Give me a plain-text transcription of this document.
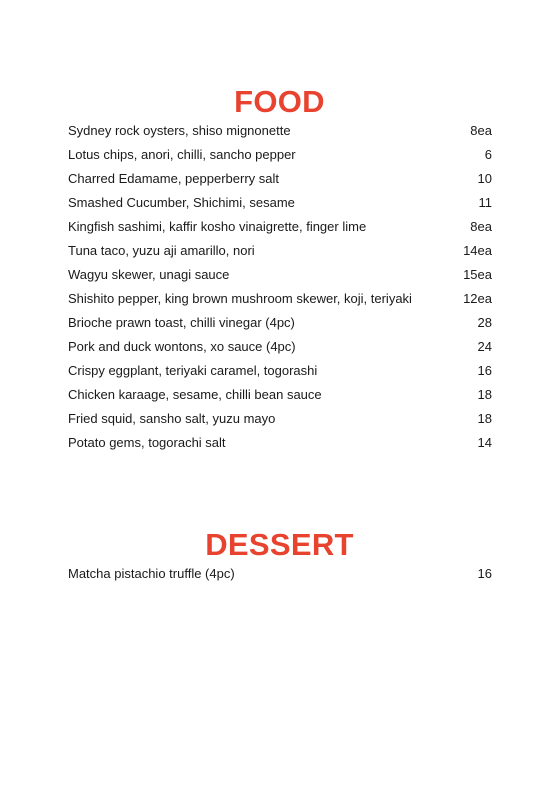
FOOD
Sydney rock oysters, shiso mignonette	8ea
Lotus chips, anori, chilli, sancho pepper	6
Charred Edamame, pepperberry salt	10
Smashed Cucumber, Shichimi, sesame	11
Kingfish sashimi, kaffir kosho vinaigrette, finger lime	8ea
Tuna taco, yuzu aji amarillo, nori	14ea
Wagyu skewer, unagi sauce	15ea
Shishito pepper, king brown mushroom skewer, koji, teriyaki	12ea
Brioche prawn toast, chilli vinegar (4pc)	28
Pork and duck wontons, xo sauce (4pc)	24
Crispy eggplant, teriyaki caramel, togorashi	16
Chicken karaage, sesame, chilli bean sauce	18
Fried squid, sansho salt, yuzu mayo	18
Potato gems, togorachi salt	14
DESSERT
Matcha pistachio truffle (4pc)	16
